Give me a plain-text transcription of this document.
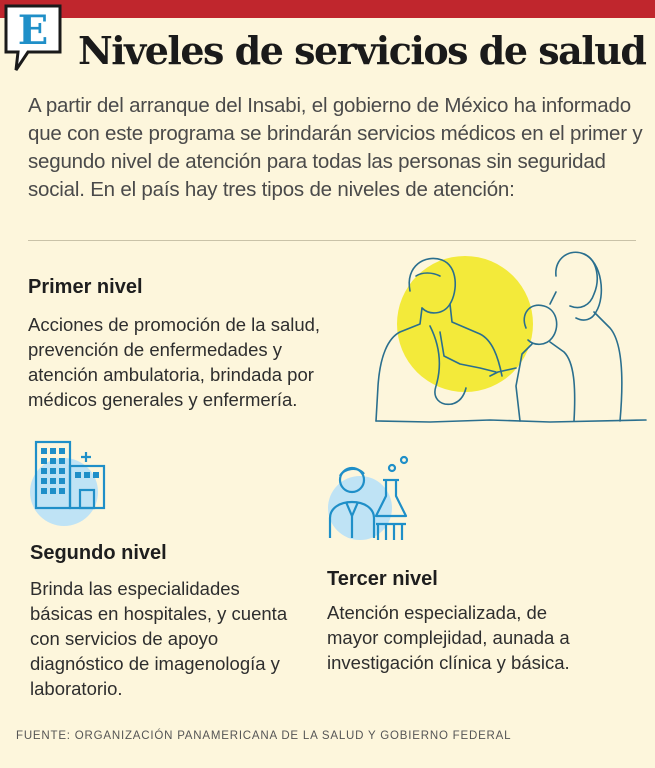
E Niveles de servicios de salud
A partir del arranque del Insabi, el gobierno de México ha informado que con este programa se brindarán servicios médicos en el primer y segundo nivel de atención para todas las personas sin seguridad social. En el país hay tres tipos de niveles de atención:
Primer nivel
Acciones de promoción de la salud, prevención de enfermedades y atención ambulatoria, brindada por médicos generales y enfermería.
Segundo nivel
Brinda las especialidades básicas en hospitales, y cuenta con servicios de apoyo diagnóstico de imagenología y laboratorio.
Tercer nivel
Atención especializada, de mayor complejidad, aunada a investigación clínica y básica.
FUENTE: ORGANIZACIÓN PANAMERICANA DE LA SALUD Y GOBIERNO FEDERAL
